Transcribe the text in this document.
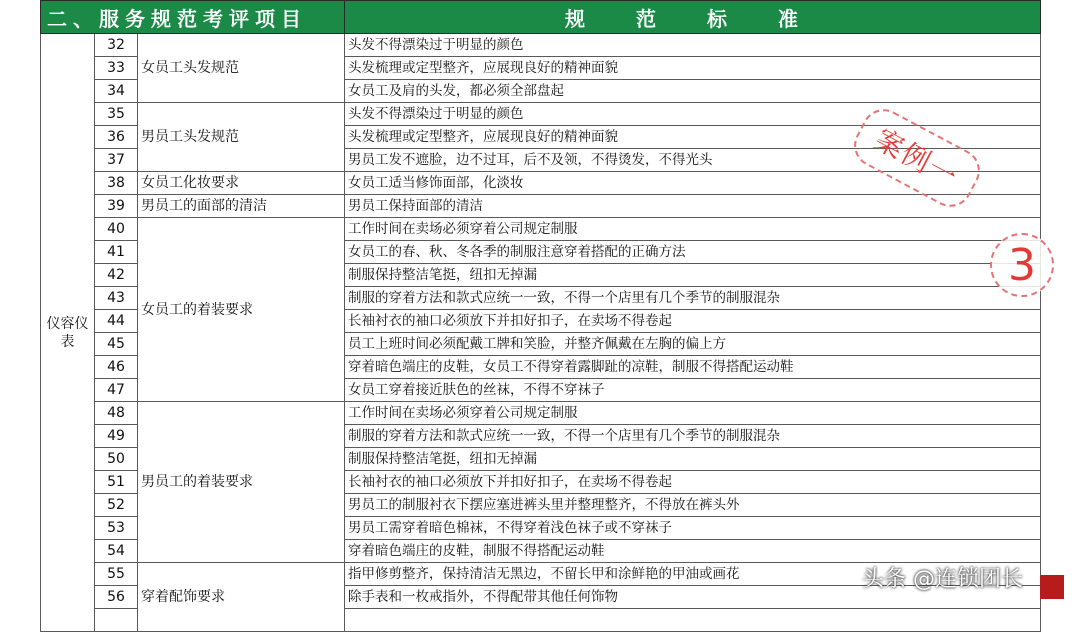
二、服务规范考评项目			规 范 标 准
仪容仪表	32	女员工头发规范	头发不得漂染过于明显的颜色
	33		头发梳理或定型整齐，应展现良好的精神面貌
	34		女员工及肩的头发，都必须全部盘起
	35	男员工头发规范	头发不得漂染过于明显的颜色
	36		头发梳理或定型整齐，应展现良好的精神面貌
	37		男员工发不遮脸，边不过耳，后不及领，不得烫发，不得光头
	38	女员工化妆要求	女员工适当修饰面部，化淡妆
	39	男员工的面部的清洁	男员工保持面部的清洁
	40	女员工的着装要求	工作时间在卖场必须穿着公司规定制服
	41		女员工的春、秋、冬各季的制服注意穿着搭配的正确方法
	42		制服保持整洁笔挺，纽扣无掉漏
	43		制服的穿着方法和款式应统一一致，不得一个店里有几个季节的制服混杂
	44		长袖衬衣的袖口必须放下并扣好扣子，在卖场不得卷起
	45		员工上班时间必须配戴工牌和笑脸，并整齐佩戴在左胸的偏上方
	46		穿着暗色端庄的皮鞋，女员工不得穿着露脚趾的凉鞋，制服不得搭配运动鞋
	47		女员工穿着接近肤色的丝袜，不得不穿袜子
	48	男员工的着装要求	工作时间在卖场必须穿着公司规定制服
	49		制服的穿着方法和款式应统一一致，不得一个店里有几个季节的制服混杂
	50		制服保持整洁笔挺，纽扣无掉漏
	51		长袖衬衣的袖口必须放下并扣好扣子，在卖场不得卷起
	52		男员工的制服衬衣下摆应塞进裤头里并整理整齐，不得放在裤头外
	53		男员工需穿着暗色棉袜，不得穿着浅色袜子或不穿袜子
	54		穿着暗色端庄的皮鞋，制服不得搭配运动鞋
	55	穿着配饰要求	指甲修剪整齐，保持清洁无黑边，不留长甲和涂鲜艳的甲油或画花
	56		除手表和一枚戒指外，不得配带其他任何饰物

案例一
3
头条 @连锁团长
